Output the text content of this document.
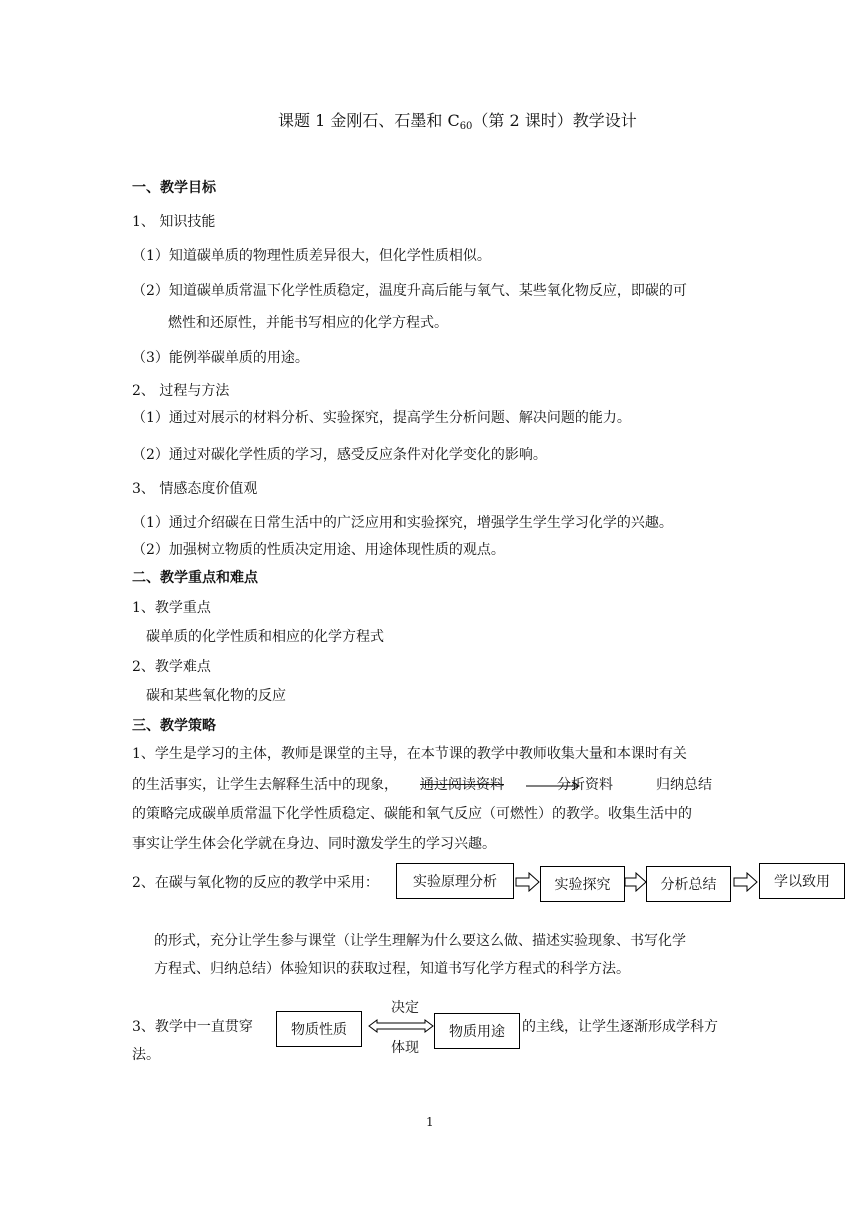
课题 1 金刚石、石墨和 $C_{60}$（第 2 课时）教学设计
一、教学目标
1、 知识技能
（1）知道碳单质的物理性质差异很大，但化学性质相似。
（2）知道碳单质常温下化学性质稳定，温度升高后能与氧气、某些氧化物反应，即碳的可
燃性和还原性，并能书写相应的化学方程式。
（3）能例举碳单质的用途。
2、 过程与方法
（1）通过对展示的材料分析、实验探究，提高学生分析问题、解决问题的能力。
（2）通过对碳化学性质的学习，感受反应条件对化学变化的影响。
3、 情感态度价值观
（1）通过介绍碳在日常生活中的广泛应用和实验探究，增强学生学生学习化学的兴趣。
（2）加强树立物质的性质决定用途、用途体现性质的观点。
二、教学重点和难点
1、教学重点
碳单质的化学性质和相应的化学方程式
2、教学难点
碳和某些氧化物的反应
三、教学策略
1、学生是学习的主体，教师是课堂的主导，在本节课的教学中教师收集大量和本课时有关
的生活事实，让学生去解释生活中的现象， 通过阅读资料	分析资料	归纳总结
的策略完成碳单质常温下化学性质稳定、碳能和氧气反应（可燃性）的教学。收集生活中的
事实让学生体会化学就在身边、同时激发学生的学习兴趣。
2、在碳与氧化物的反应的教学中采用： 实验原理分析	实验探究	分析总结	学以致用
的形式，充分让学生参与课堂（让学生理解为什么要这么做、描述实验现象、书写化学
方程式、归纳总结）体验知识的获取过程，知道书写化学方程式的科学方法。
3、教学中一直贯穿
法。
物质性质
决定
体现
物质用途 的主线，让学生逐渐形成学科方
1
